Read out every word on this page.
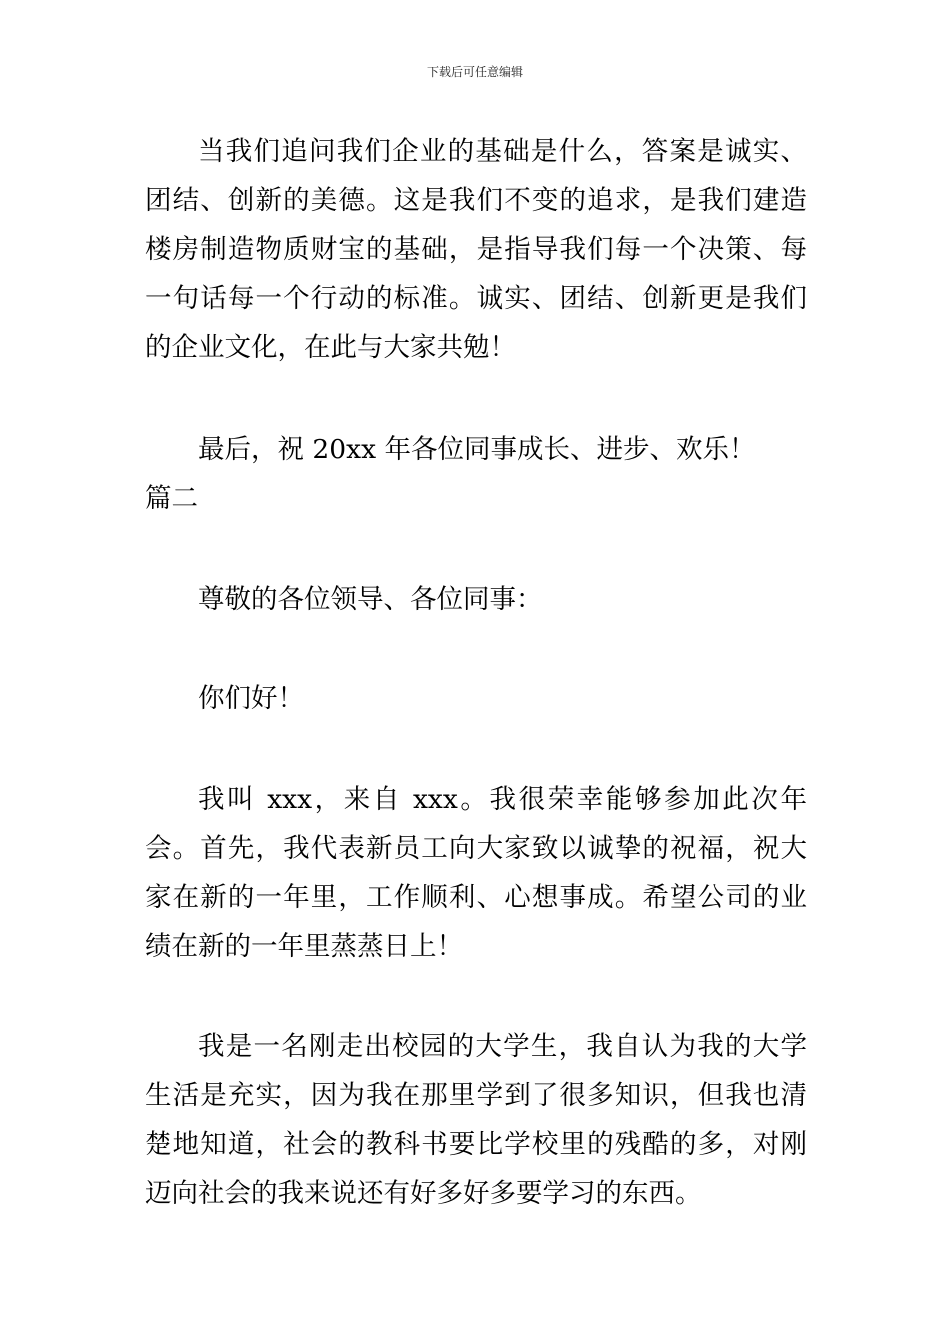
下载后可任意编辑

当我们追问我们企业的基础是什么，答案是诚实、团结、创新的美德。这是我们不变的追求，是我们建造楼房制造物质财宝的基础，是指导我们每一个决策、每一句话每一个行动的标准。诚实、团结、创新更是我们的企业文化，在此与大家共勉！

最后，祝 20xx 年各位同事成长、进步、欢乐！

篇二

尊敬的各位领导、各位同事：

你们好！

我叫 xxx，来自 xxx。我很荣幸能够参加此次年会。首先，我代表新员工向大家致以诚挚的祝福，祝大家在新的一年里，工作顺利、心想事成。希望公司的业绩在新的一年里蒸蒸日上！

我是一名刚走出校园的大学生，我自认为我的大学生活是充实，因为我在那里学到了很多知识，但我也清楚地知道，社会的教科书要比学校里的残酷的多，对刚迈向社会的我来说还有好多好多要学习的东西。
